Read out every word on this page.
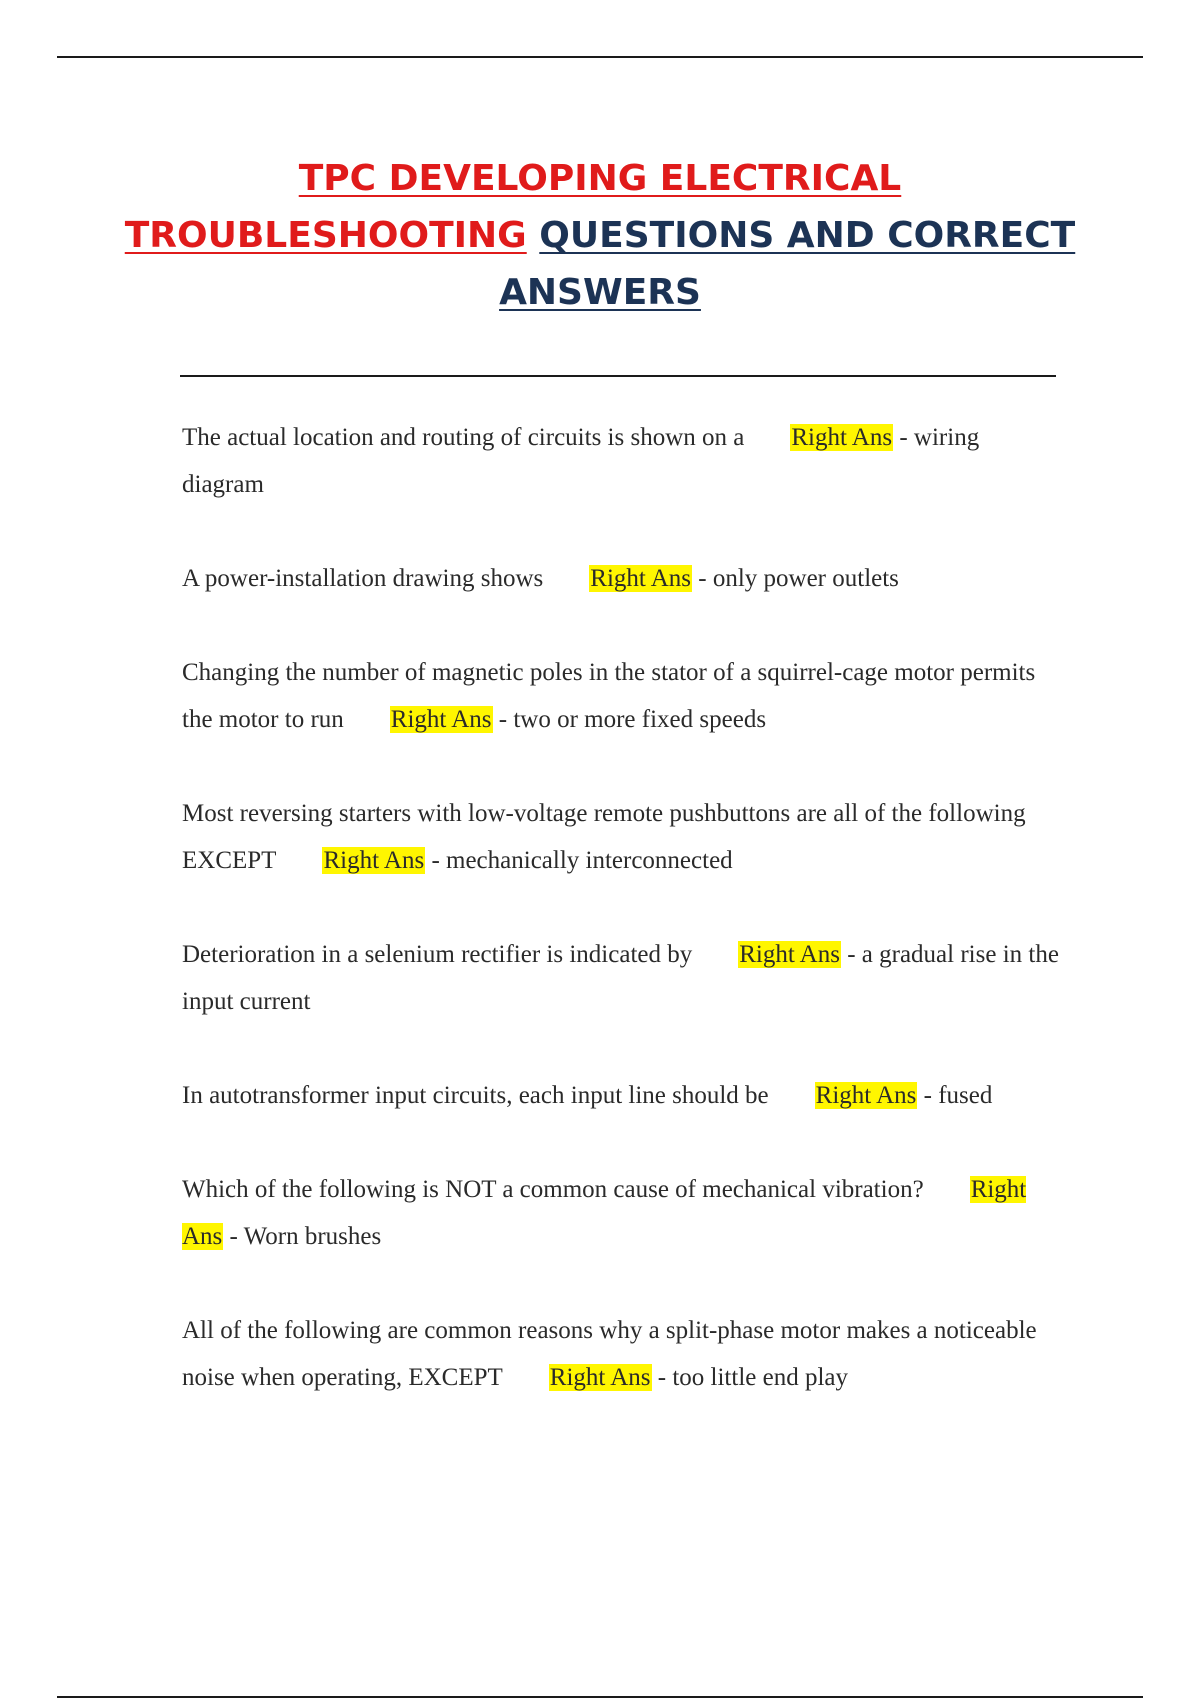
TPC DEVELOPING ELECTRICAL TROUBLESHOOTING QUESTIONS AND CORRECT ANSWERS
The actual location and routing of circuits is shown on a Right Ans - wiring diagram
A power-installation drawing shows Right Ans - only power outlets
Changing the number of magnetic poles in the stator of a squirrel-cage motor permits the motor to run Right Ans - two or more fixed speeds
Most reversing starters with low-voltage remote pushbuttons are all of the following EXCEPT Right Ans - mechanically interconnected
Deterioration in a selenium rectifier is indicated by Right Ans - a gradual rise in the input current
In autotransformer input circuits, each input line should be Right Ans - fused
Which of the following is NOT a common cause of mechanical vibration? Right Ans - Worn brushes
All of the following are common reasons why a split-phase motor makes a noticeable noise when operating, EXCEPT Right Ans - too little end play
